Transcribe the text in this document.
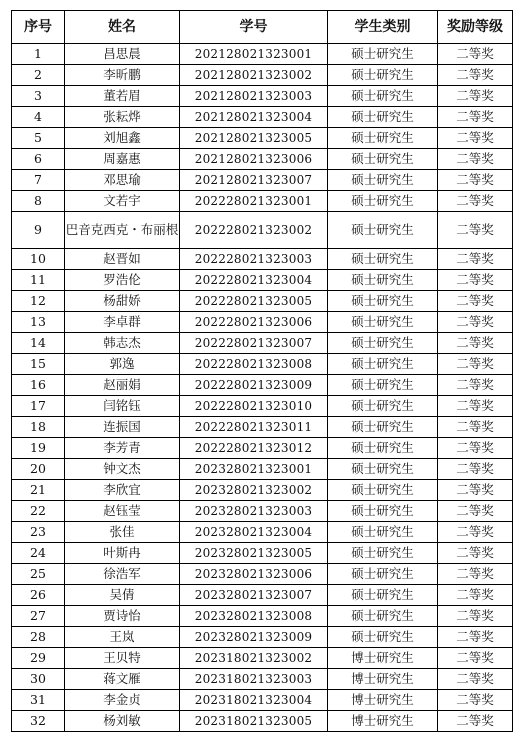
序号	姓名	学号	学生类别	奖励等级
1	昌思晨	202128021323001	硕士研究生	二等奖
2	李昕鹏	202128021323002	硕士研究生	二等奖
3	董若眉	202128021323003	硕士研究生	二等奖
4	张耘烨	202128021323004	硕士研究生	二等奖
5	刘旭鑫	202128021323005	硕士研究生	二等奖
6	周嘉惠	202128021323006	硕士研究生	二等奖
7	邓思瑜	202128021323007	硕士研究生	二等奖
8	文若宇	202228021323001	硕士研究生	二等奖
9	巴音克西克・布丽根	202228021323002	硕士研究生	二等奖
10	赵晋如	202228021323003	硕士研究生	二等奖
11	罗浩伦	202228021323004	硕士研究生	二等奖
12	杨甜娇	202228021323005	硕士研究生	二等奖
13	李卓群	202228021323006	硕士研究生	二等奖
14	韩志杰	202228021323007	硕士研究生	二等奖
15	郭逸	202228021323008	硕士研究生	二等奖
16	赵丽娟	202228021323009	硕士研究生	二等奖
17	闫铭钰	202228021323010	硕士研究生	二等奖
18	连振国	202228021323011	硕士研究生	二等奖
19	李芳青	202228021323012	硕士研究生	二等奖
20	钟文杰	202328021323001	硕士研究生	二等奖
21	李欣宜	202328021323002	硕士研究生	二等奖
22	赵钰莹	202328021323003	硕士研究生	二等奖
23	张佳	202328021323004	硕士研究生	二等奖
24	叶斯冉	202328021323005	硕士研究生	二等奖
25	徐浩军	202328021323006	硕士研究生	二等奖
26	吴倩	202328021323007	硕士研究生	二等奖
27	贾诗怡	202328021323008	硕士研究生	二等奖
28	王岚	202328021323009	硕士研究生	二等奖
29	王贝特	202318021323002	博士研究生	二等奖
30	蒋文雁	202318021323003	博士研究生	二等奖
31	李金贞	202318021323004	博士研究生	二等奖
32	杨刘敏	202318021323005	博士研究生	二等奖
